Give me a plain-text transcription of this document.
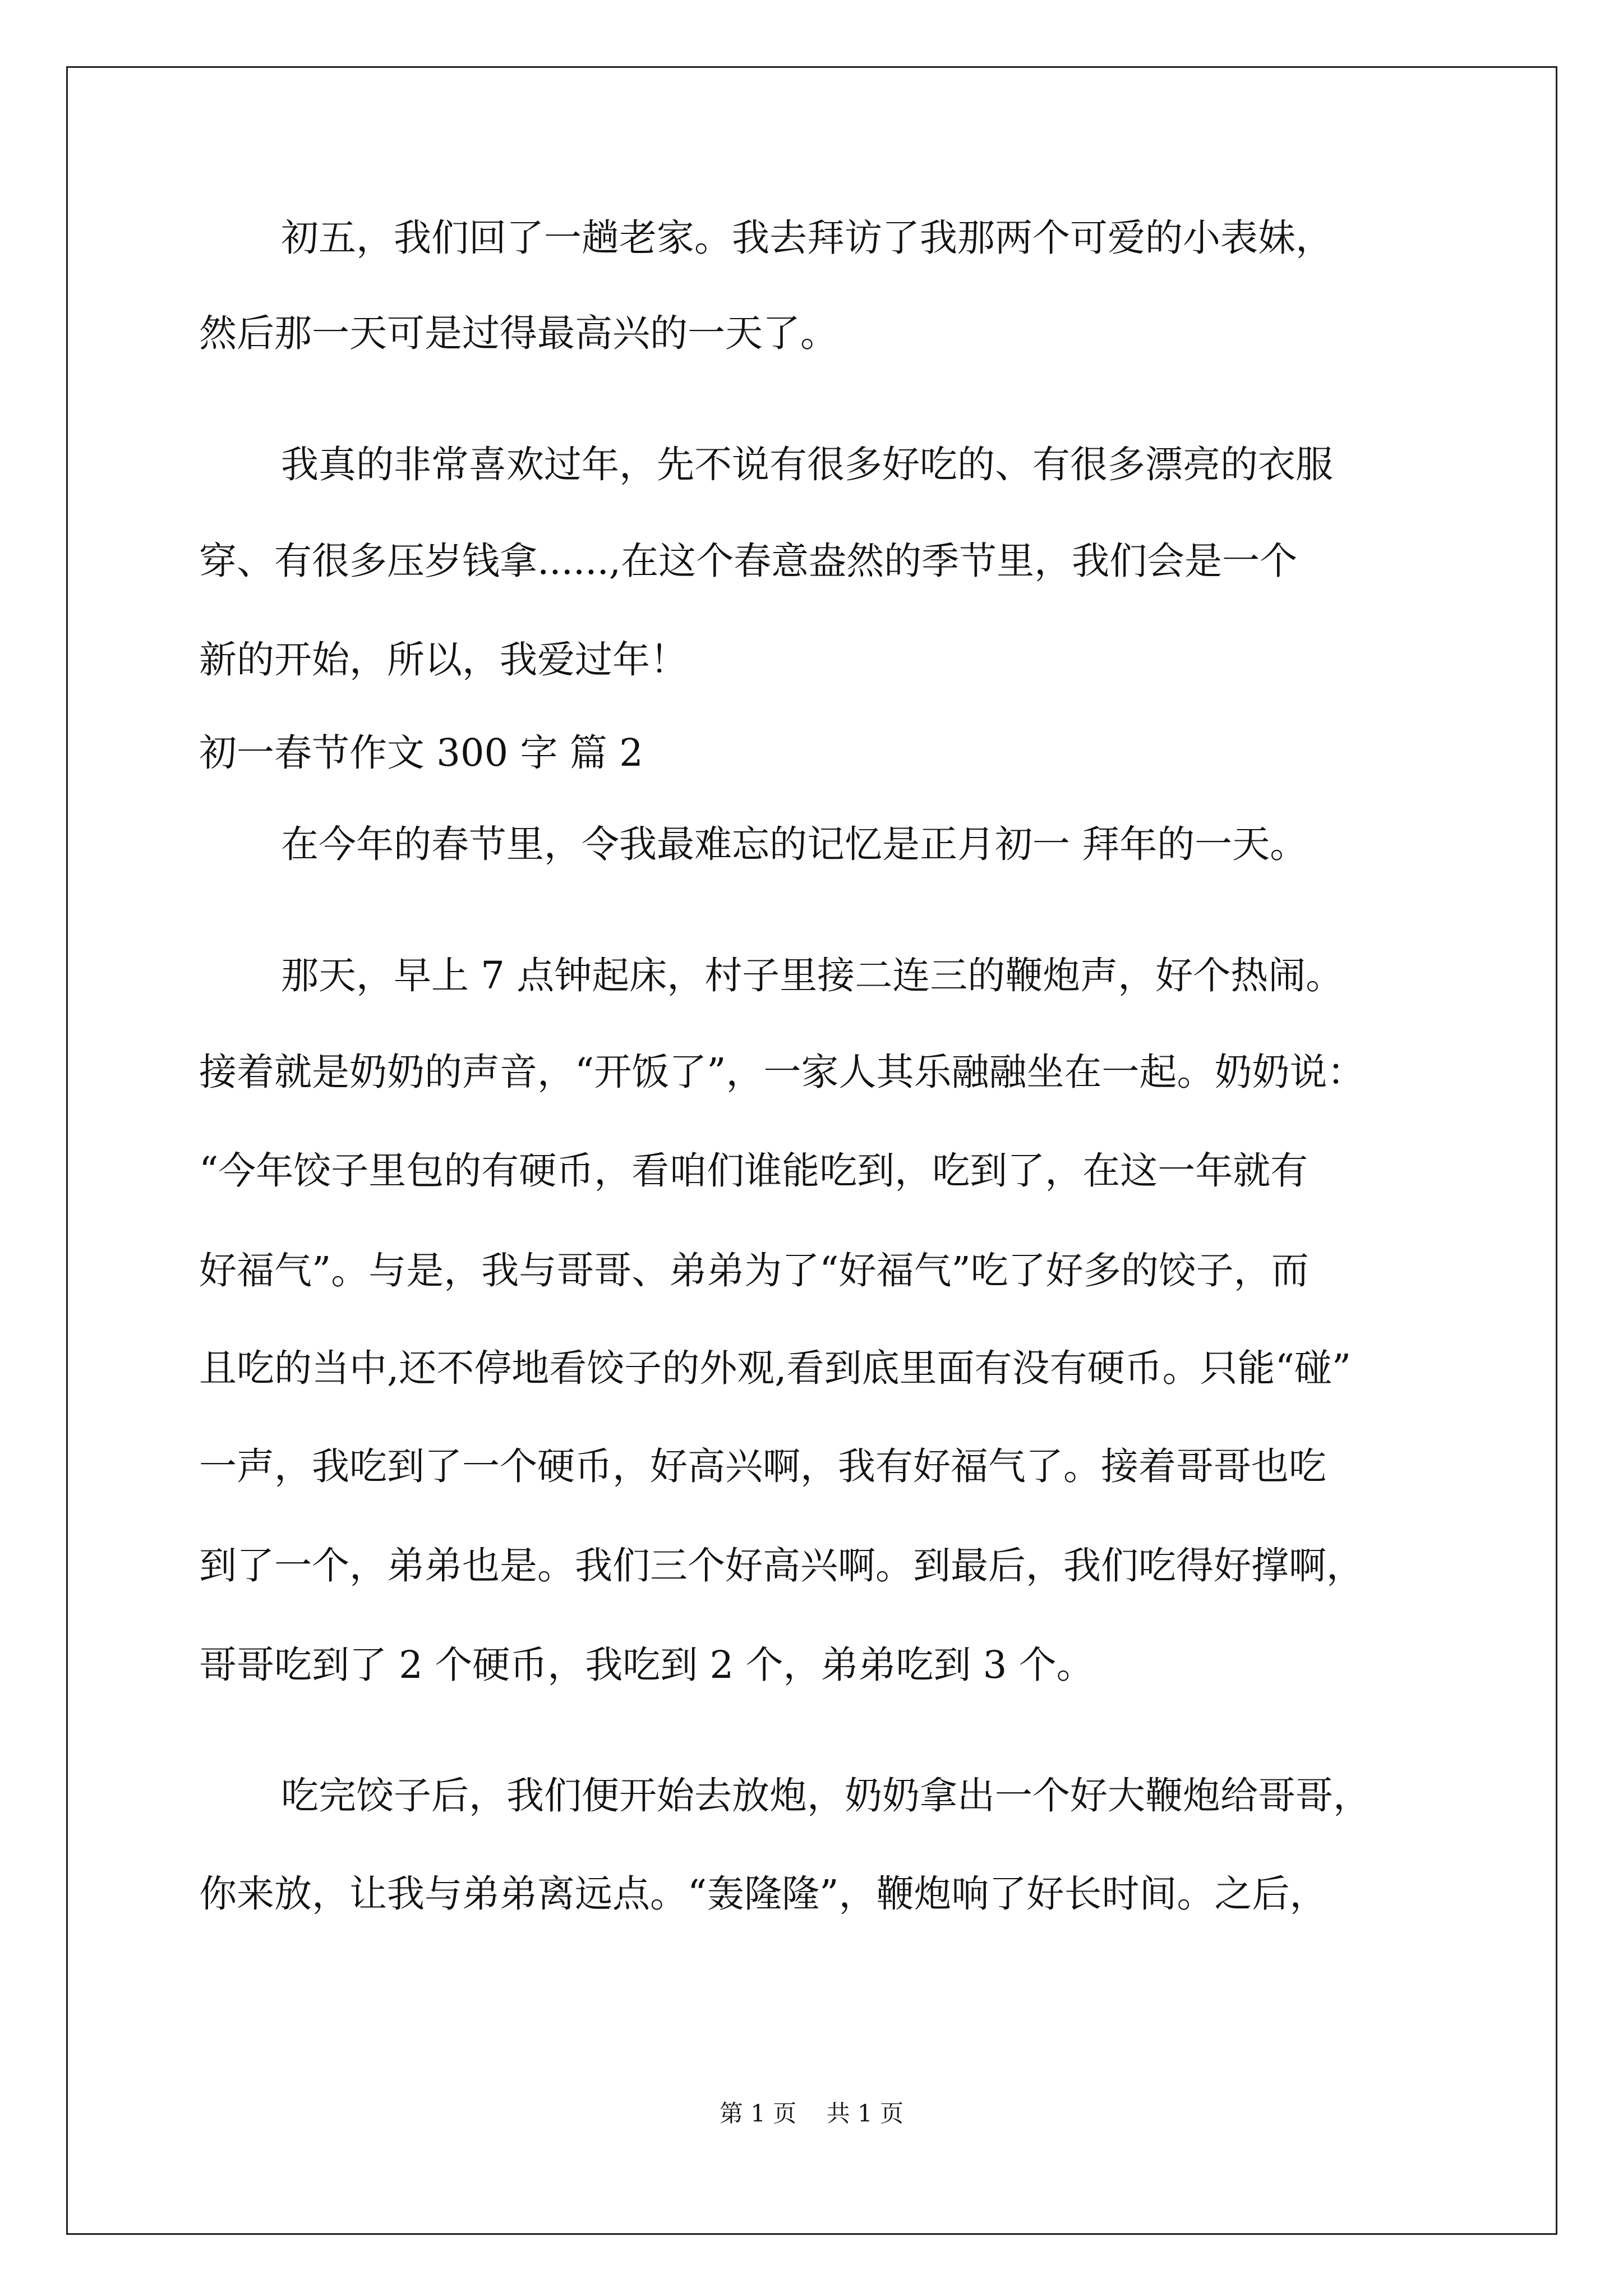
初五，我们回了一趟老家。我去拜访了我那两个可爱的小表妹，
然后那一天可是过得最高兴的一天了。
我真的非常喜欢过年，先不说有很多好吃的、有很多漂亮的衣服
穿、有很多压岁钱拿......,在这个春意盎然的季节里，我们会是一个
新的开始，所以，我爱过年！
初一春节作文 300 字 篇 2
在今年的春节里，令我最难忘的记忆是正月初一 拜年的一天。
那天，早上 7 点钟起床，村子里接二连三的鞭炮声，好个热闹。
接着就是奶奶的声音，“开饭了”，一家人其乐融融坐在一起。奶奶说：
“今年饺子里包的有硬币，看咱们谁能吃到，吃到了，在这一年就有
好福气”。与是，我与哥哥、弟弟为了“好福气”吃了好多的饺子，而
且吃的当中,还不停地看饺子的外观,看到底里面有没有硬币。只能“碰”
一声，我吃到了一个硬币，好高兴啊，我有好福气了。接着哥哥也吃
到了一个，弟弟也是。我们三个好高兴啊。到最后，我们吃得好撑啊，
哥哥吃到了 2 个硬币，我吃到 2 个，弟弟吃到 3 个。
吃完饺子后，我们便开始去放炮，奶奶拿出一个好大鞭炮给哥哥，
你来放，让我与弟弟离远点。“轰隆隆”，鞭炮响了好长时间。之后，
第 1 页    共 1 页
